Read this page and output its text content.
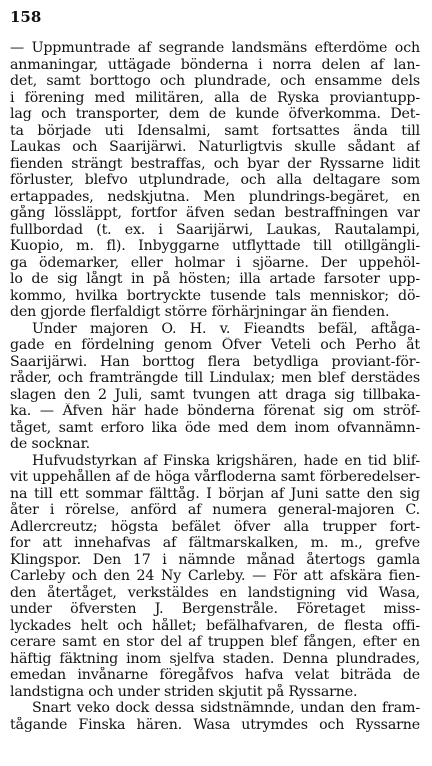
158
— Uppmuntrade af segrande landsmäns efterdöme och
anmaningar, uttägade bönderna i norra delen af lan-
det, samt borttogo och plundrade, och ensamme dels
i förening med militären, alla de Ryska proviantupp-
lag och transporter, dem de kunde öfverkomma. Det-
ta började uti Idensalmi, samt fortsattes ända till
Laukas och Saarijärwi. Naturligtvis skulle sådant af
fienden strängt bestraffas, och byar der Ryssarne lidit
förluster, blefvo utplundrade, och alla deltagare som
ertappades, nedskjutna. Men plundrings-begäret, en
gång lössläppt, fortfor äfven sedan bestraffningen var
fullbordad (t. ex. i Saarijärwi, Laukas, Rautalampi,
Kuopio, m. fl). Inbyggarne utflyttade till otillgängli-
ga ödemarker, eller holmar i sjöarne. Der uppehöl-
lo de sig långt in på hösten; illa artade farsoter upp-
kommo, hvilka bortryckte tusende tals menniskor; dö-
den gjorde flerfaldigt större förhärjningar än fienden.
Under majoren O. H. v. Fieandts befäl, aftåga-
gade en fördelning genom Öfver Veteli och Perho åt
Saarijärwi. Han borttog flera betydliga proviant-för-
råder, och framträngde till Lindulax; men blef derstädes
slagen den 2 Juli, samt tvungen att draga sig tillbaka-
ka. — Äfven här hade bönderna förenat sig om ströf-
tåget, samt erforo lika öde med dem inom ofvannämn-
de socknar.
Hufvudstyrkan af Finska krigshären, hade en tid blif-
vit uppehållen af de höga vårfloderna samt förberedelser-
na till ett sommar fälttåg. I början af Juni satte den sig
åter i rörelse, anförd af numera general-majoren C.
Adlercreutz; högsta befälet öfver alla trupper fort-
for att innehafvas af fältmarskalken, m. m., grefve
Klingspor. Den 17 i nämnde månad återtogs gamla
Carleby och den 24 Ny Carleby. — För att afskära fien-
den återtåget, verkstäldes en landstigning vid Wasa,
under öfversten J. Bergenstråle. Företaget miss-
lyckades helt och hållet; befälhafvaren, de flesta offi-
cerare samt en stor del af truppen blef fången, efter en
häftig fäktning inom sjelfva staden. Denna plundrades,
emedan invånarne föregåfvos hafva velat biträda de
landstigna och under striden skjutit på Ryssarne.
Snart veko dock dessa sidstnämnde, undan den fram-
tågande Finska hären. Wasa utrymdes och Ryssarne
